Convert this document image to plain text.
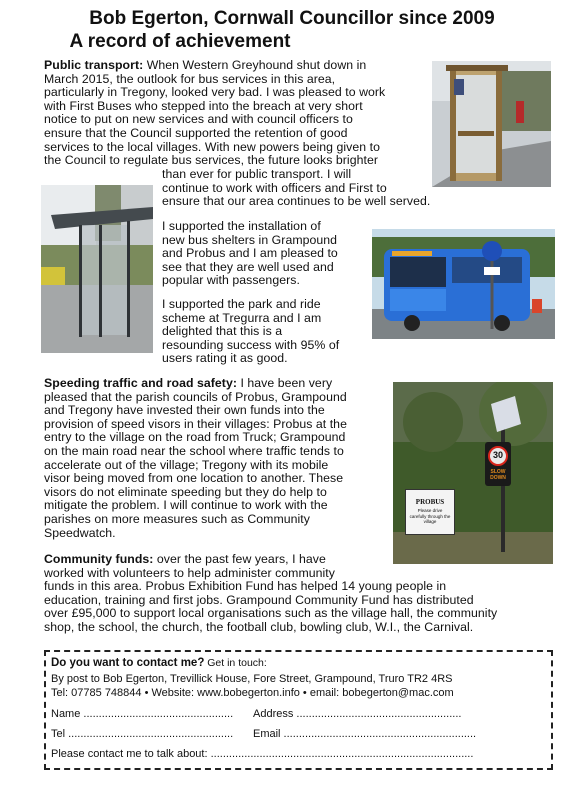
Bob Egerton, Cornwall Councillor since 2009
A record of achievement
Public transport: When Western Greyhound shut down in
March 2015, the outlook for bus services in this area,
particularly in Tregony, looked very bad. I was pleased to work
with First Buses who stepped into the breach at very short
notice to put on new services and with council officers to
ensure that the Council supported the retention of good
services to the local villages. With new powers being given to
the Council to regulate bus services, the future looks brighter
than ever for public transport. I will
continue to work with officers and First to
ensure that our area continues to be well served.
I supported the installation of
new bus shelters in Grampound
and Probus and I am pleased to
see that they are well used and
popular with passengers.
I supported the park and ride
scheme at Tregurra and I am
delighted that this is a
resounding success with 95% of
users rating it as good.
Speeding traffic and road safety: I have been very
pleased that the parish councils of Probus, Grampound
and Tregony have invested their own funds into the
provision of speed visors in their villages: Probus at the
entry to the village on the road from Truck; Grampound
on the main road near the school where traffic tends to
accelerate out of the village; Tregony with its mobile
visor being moved from one location to another. These
visors do not eliminate speeding but they do help to
mitigate the problem. I will continue to work with the
parishes on more measures such as Community
Speedwatch.
30
SLOW DOWN
PROBUS
Please drive carefully through the village
Community funds: over the past few years, I have
worked with volunteers to help administer community
funds in this area. Probus Exhibition Fund has helped 14 young people in
education, training and first jobs. Grampound Community Fund has distributed
over £95,000 to support local organisations such as the village hall, the community
shop, the school, the church, the football club, bowling club, W.I., the Carnival.
Do you want to contact me? Get in touch:
By post to Bob Egerton, Trevillick House, Fore Street, Grampound, Truro TR2 4RS
Tel: 07785 748844 • Website: www.bobegerton.info • email: bobegerton@mac.com
Name ................................................. Address ......................................................
Tel ...................................................... Email ...............................................................
Please contact me to talk about: ......................................................................................
